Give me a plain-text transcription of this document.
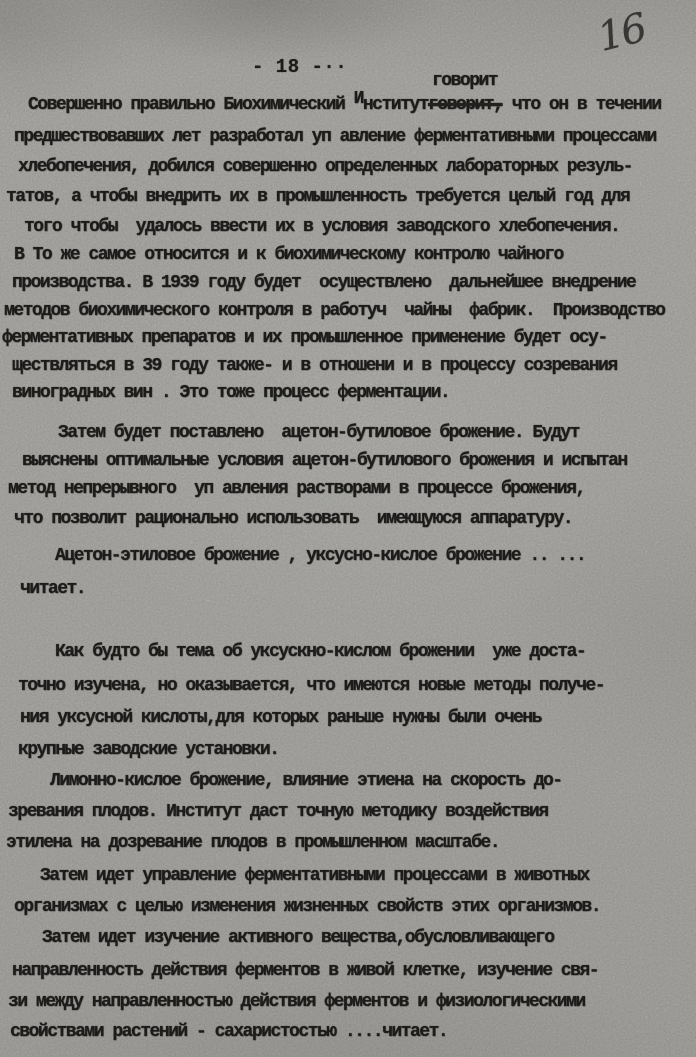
16
- 18 -··
говорит
Совершенно правильно Биохимический Институтговорит, что он в течении
предшествовавших лет разработал уп авление ферментативными процессами
хлебопечения, добился совершенно определенных лабораторных резуль-
татов, а чтобы внедрить их в промышленность требуется целый год для
того чтобы  удалось ввести их в условия заводского хлебопечения.
В То же самое относится и к биохимическому контролю чайного
производства. В 1939 году будет  осуществлено  дальнейшее внедрение
методов биохимического контроля в работуч  чайны  фабрик.  Производство
ферментативных препаратов и их промышленное применение будет осу-
ществляться в 39 году также- и в отношени и в процессу созревания
виноградных вин . Это тоже процесс ферментации.
Затем будет поставлено  ацетон-бутиловое брожение. Будут
выяснены оптимальные условия ацетон-бутилового брожения и испытан
метод непрерывного  уп авления растворами в процессе брожения,
что позволит рационально использовать  имеющуюся аппаратуру.
Ацетон-этиловое брожение , уксусно-кислое брожение .. ...
читает.
Как будто бы тема об уксускно-кислом брожении  уже доста-
точно изучена, но оказывается, что имеются новые методы получе-
ния уксусной кислоты,для которых раньше нужны были очень
крупные заводские установки.
Лимонно-кислое брожение, влияние этиена на скорость до-
зревания плодов. Институт даст точную методику воздействия
этилена на дозревание плодов в промышленном масштабе.
Затем идет управление ферментативными процессами в животных
организмах с целью изменения жизненных свойств этих организмов.
Затем идет изучение активного вещества,обусловливающего
направленность действия ферментов в живой клетке, изучение свя-
зи между направленностью действия ферментов и физиологическими
свойствами растений - сахаристостью ....читает.
